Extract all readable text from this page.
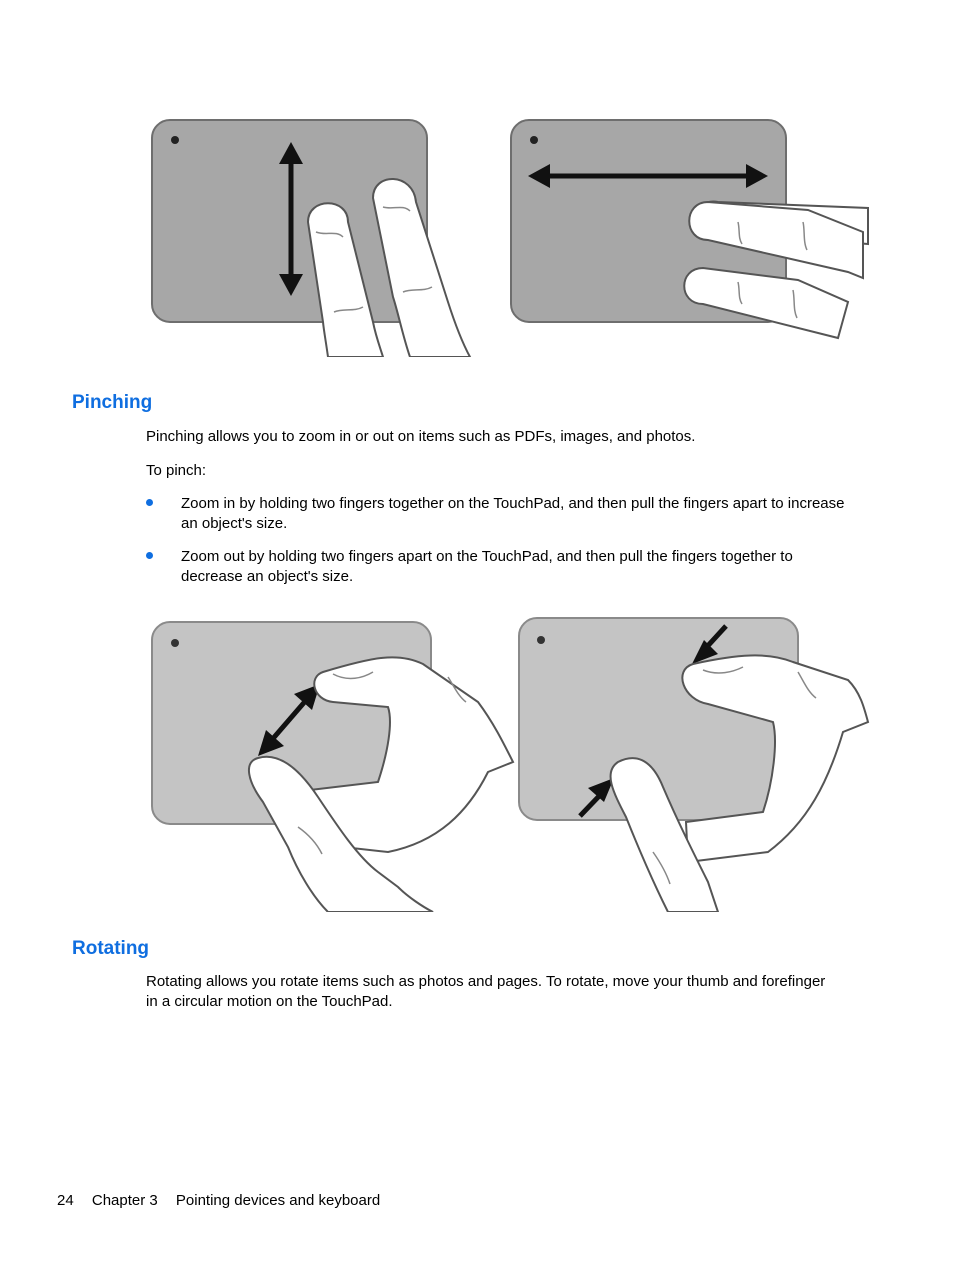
Pinching

Pinching allows you to zoom in or out on items such as PDFs, images, and photos.

To pinch:

Zoom in by holding two fingers together on the TouchPad, and then pull the fingers apart to increase an object's size.
Zoom out by holding two fingers apart on the TouchPad, and then pull the fingers together to decrease an object's size.
Rotating

Rotating allows you rotate items such as photos and pages. To rotate, move your thumb and forefinger in a circular motion on the TouchPad.

24 Chapter 3 Pointing devices and keyboard
